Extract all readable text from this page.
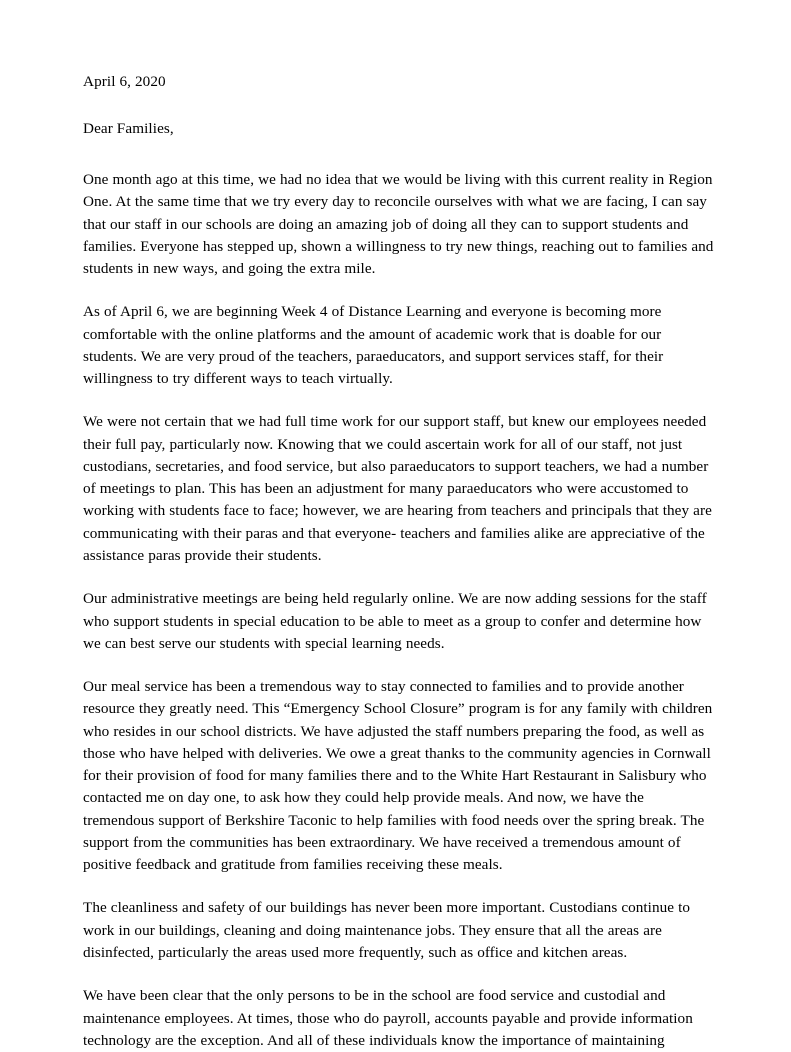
April 6, 2020

Dear Families,

One month ago at this time, we had no idea that we would be living with this current reality in Region One. At the same time that we try every day to reconcile ourselves with what we are facing, I can say that our staff in our schools are doing an amazing job of doing all they can to support students and families. Everyone has stepped up, shown a willingness to try new things, reaching out to families and students in new ways, and going the extra mile.

As of April 6, we are beginning Week 4 of Distance Learning and everyone is becoming more comfortable with the online platforms and the amount of academic work that is doable for our students. We are very proud of the teachers, paraeducators, and support services staff, for their willingness to try different ways to teach virtually.

We were not certain that we had full time work for our support staff, but knew our employees needed their full pay, particularly now. Knowing that we could ascertain work for all of our staff, not just custodians, secretaries, and food service, but also paraeducators to support teachers, we had a number of meetings to plan. This has been an adjustment for many paraeducators who were accustomed to working with students face to face; however, we are hearing from teachers and principals that they are communicating with their paras and that everyone- teachers and families alike are appreciative of the assistance paras provide their students.

Our administrative meetings are being held regularly online. We are now adding sessions for the staff who support students in special education to be able to meet as a group to confer and determine how we can best serve our students with special learning needs.

Our meal service has been a tremendous way to stay connected to families and to provide another resource they greatly need. This “Emergency School Closure” program is for any family with children who resides in our school districts. We have adjusted the staff numbers preparing the food, as well as those who have helped with deliveries. We owe a great thanks to the community agencies in Cornwall for their provision of food for many families there and to the White Hart Restaurant in Salisbury who contacted me on day one, to ask how they could help provide meals. And now, we have the tremendous support of Berkshire Taconic to help families with food needs over the spring break. The support from the communities has been extraordinary. We have received a tremendous amount of positive feedback and gratitude from families receiving these meals.

The cleanliness and safety of our buildings has never been more important. Custodians continue to work in our buildings, cleaning and doing maintenance jobs. They ensure that all the areas are disinfected, particularly the areas used more frequently, such as office and kitchen areas.

We have been clear that the only persons to be in the school are food service and custodial and maintenance employees. At times, those who do payroll, accounts payable and provide information technology are the exception. And all of these individuals know the importance of maintaining
